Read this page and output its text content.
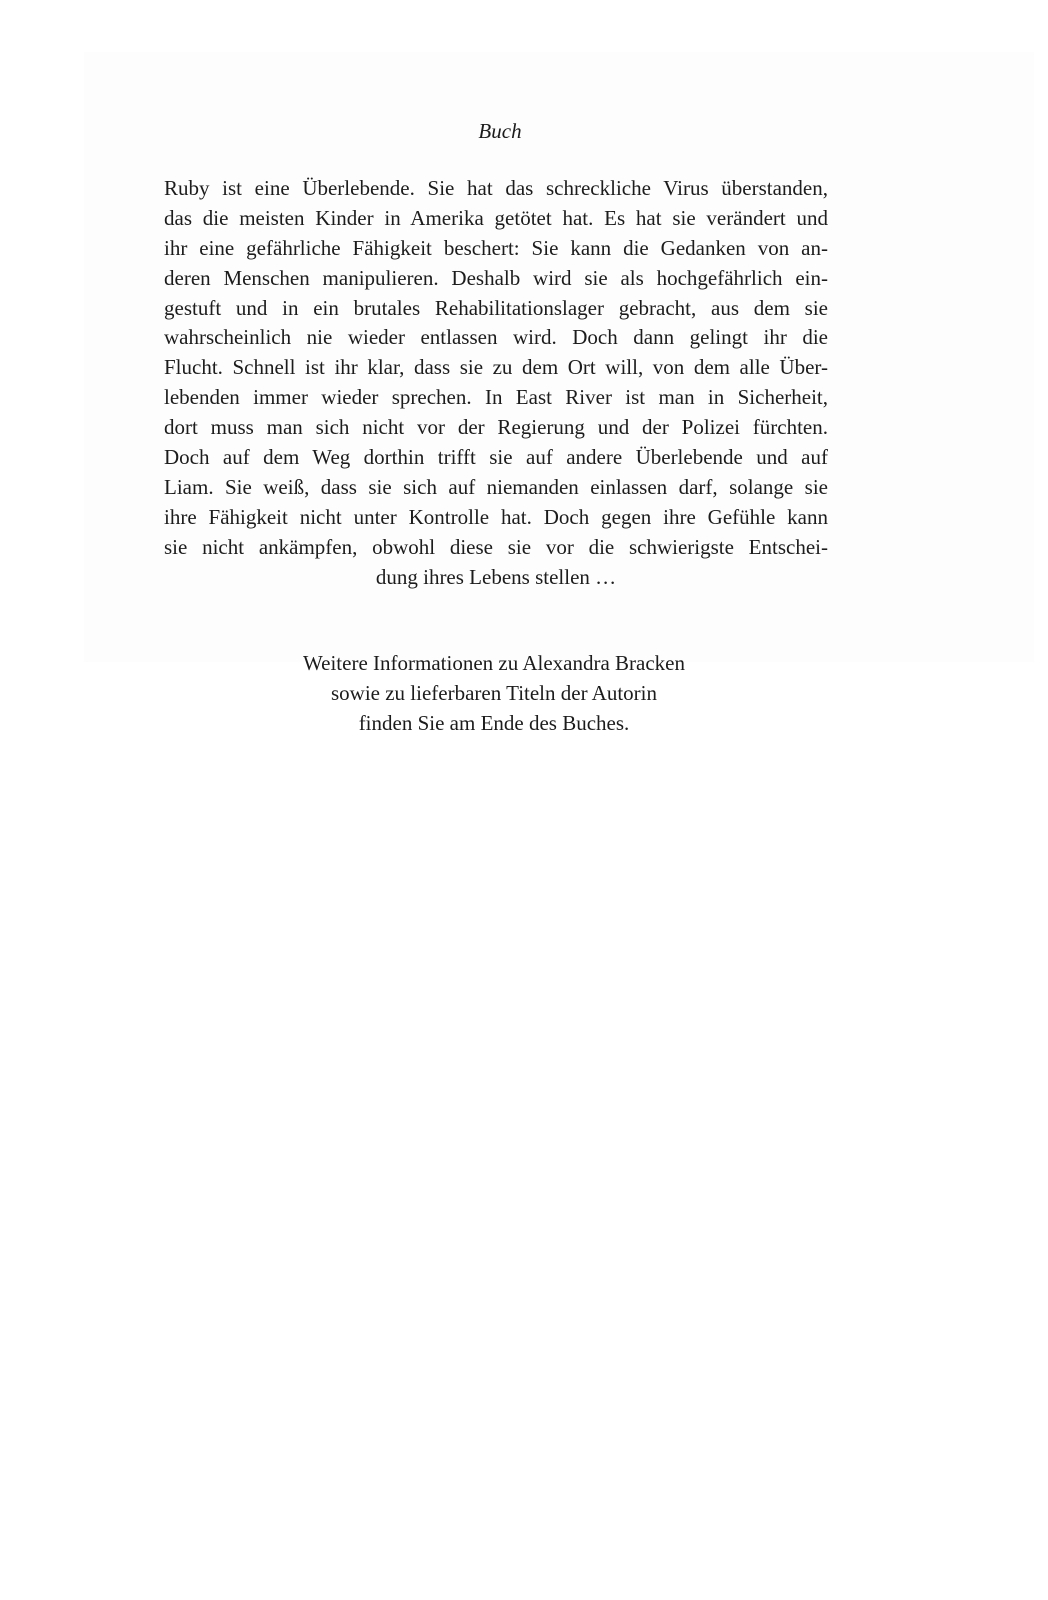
Buch

Ruby ist eine Überlebende. Sie hat das schreckliche Virus überstanden,
das die meisten Kinder in Amerika getötet hat. Es hat sie verändert und
ihr eine gefährliche Fähigkeit beschert: Sie kann die Gedanken von an-
deren Menschen manipulieren. Deshalb wird sie als hochgefährlich ein-
gestuft und in ein brutales Rehabilitationslager gebracht, aus dem sie
wahrscheinlich nie wieder entlassen wird. Doch dann gelingt ihr die
Flucht. Schnell ist ihr klar, dass sie zu dem Ort will, von dem alle Über-
lebenden immer wieder sprechen. In East River ist man in Sicherheit,
dort muss man sich nicht vor der Regierung und der Polizei fürchten.
Doch auf dem Weg dorthin trifft sie auf andere Überlebende und auf
Liam. Sie weiß, dass sie sich auf niemanden einlassen darf, solange sie
ihre Fähigkeit nicht unter Kontrolle hat. Doch gegen ihre Gefühle kann
sie nicht ankämpfen, obwohl diese sie vor die schwierigste Entschei-
dung ihres Lebens stellen …

Weitere Informationen zu Alexandra Bracken
sowie zu lieferbaren Titeln der Autorin
finden Sie am Ende des Buches.
